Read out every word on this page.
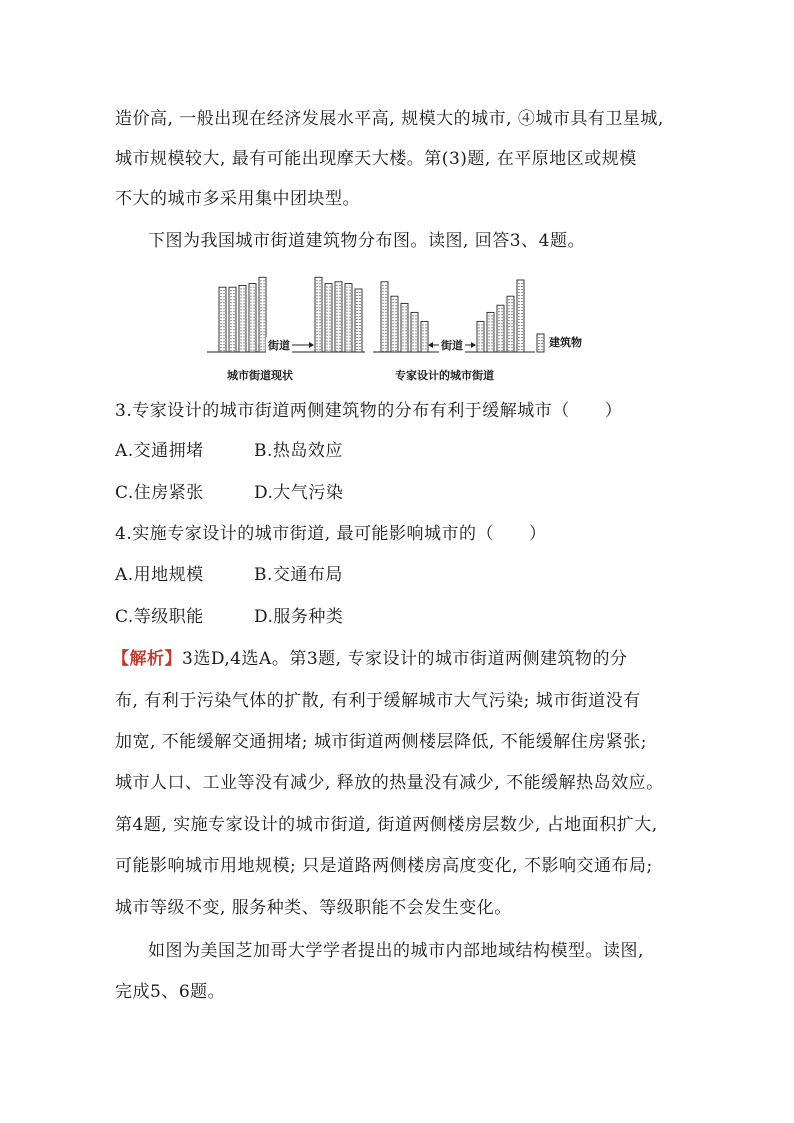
造价高, 一般出现在经济发展水平高, 规模大的城市, ④城市具有卫星城,
城市规模较大, 最有可能出现摩天大楼。第(3)题, 在平原地区或规模
不大的城市多采用集中团块型。
下图为我国城市街道建筑物分布图。读图, 回答3、4题。
城市街道现状	专家设计的城市街道
街道	街道	建筑物
3.专家设计的城市街道两侧建筑物的分布有利于缓解城市（　　）
A.交通拥堵	B.热岛效应
C.住房紧张	D.大气污染
4.实施专家设计的城市街道, 最可能影响城市的（　　）
A.用地规模	B.交通布局
C.等级职能	D.服务种类
【解析】3选D,4选A。第3题, 专家设计的城市街道两侧建筑物的分
布, 有利于污染气体的扩散, 有利于缓解城市大气污染; 城市街道没有
加宽, 不能缓解交通拥堵; 城市街道两侧楼层降低, 不能缓解住房紧张;
城市人口、工业等没有减少, 释放的热量没有减少, 不能缓解热岛效应。
第4题, 实施专家设计的城市街道, 街道两侧楼房层数少, 占地面积扩大,
可能影响城市用地规模; 只是道路两侧楼房高度变化, 不影响交通布局;
城市等级不变, 服务种类、等级职能不会发生变化。
如图为美国芝加哥大学学者提出的城市内部地域结构模型。读图,
完成5、6题。
